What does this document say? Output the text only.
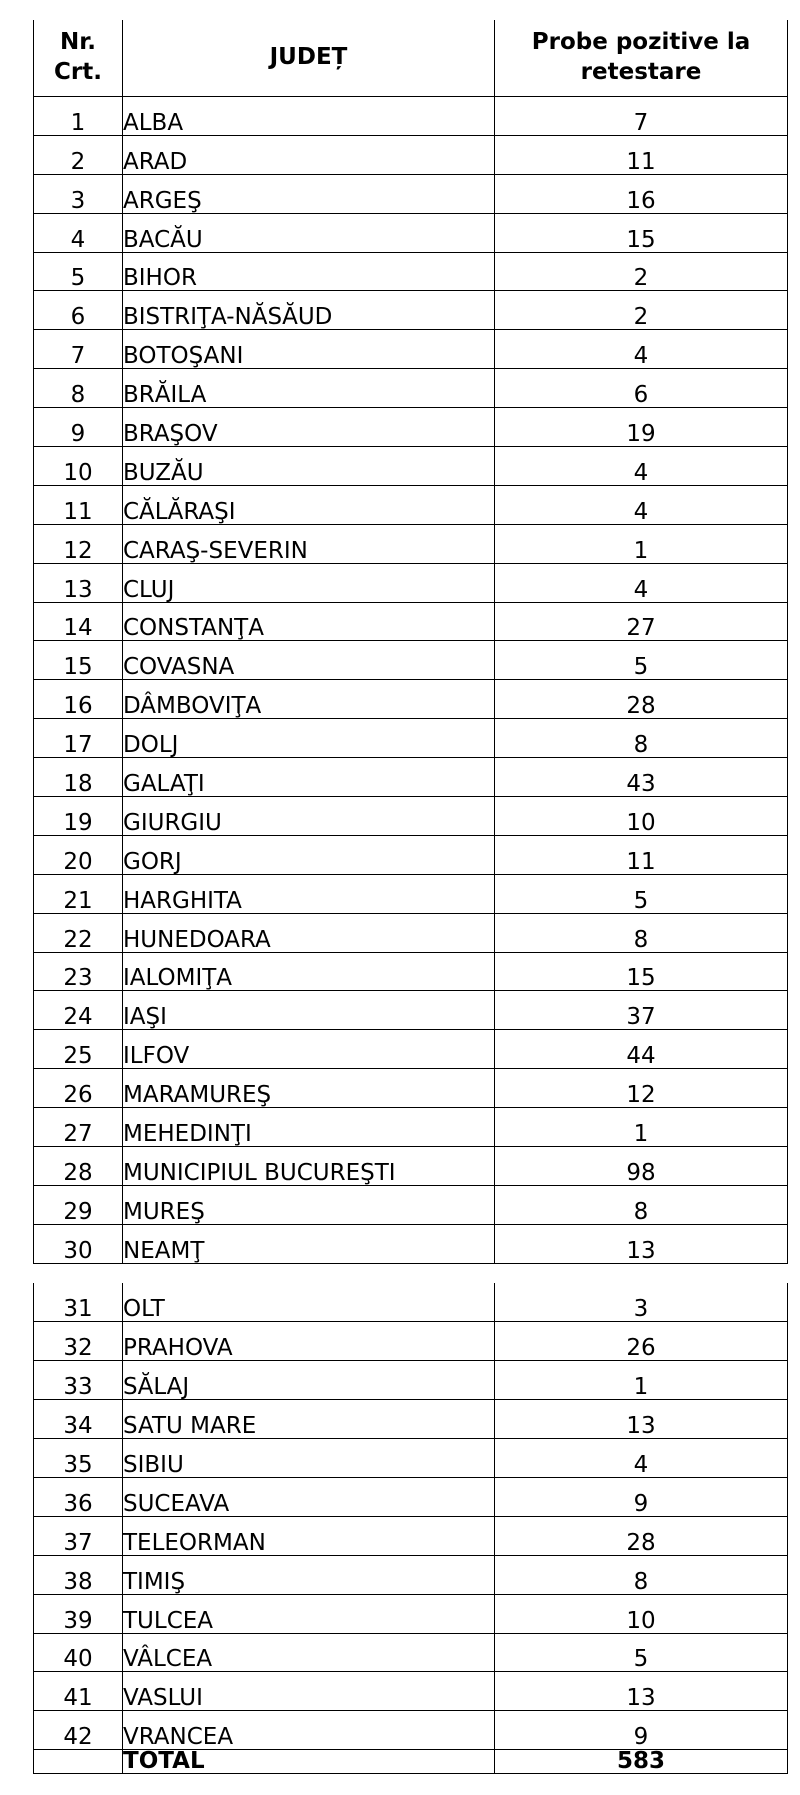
Nr.
Crt.	JUDEȚ	Probe pozitive la
retestare

1	ALBA	7
2	ARAD	11
3	ARGEŞ	16
4	BACĂU	15
5	BIHOR	2
6	BISTRIŢA-NĂSĂUD	2
7	BOTOŞANI	4
8	BRĂILA	6
9	BRAŞOV	19
10	BUZĂU	4
11	CĂLĂRAŞI	4
12	CARAŞ-SEVERIN	1
13	CLUJ	4
14	CONSTANŢA	27
15	COVASNA	5
16	DÂMBOVIŢA	28
17	DOLJ	8
18	GALAŢI	43
19	GIURGIU	10
20	GORJ	11
21	HARGHITA	5
22	HUNEDOARA	8
23	IALOMIŢA	15
24	IAŞI	37
25	ILFOV	44
26	MARAMUREŞ	12
27	MEHEDINŢI	1
28	MUNICIPIUL BUCUREŞTI	98
29	MUREŞ	8
30	NEAMŢ	13
31	OLT	3
32	PRAHOVA	26
33	SĂLAJ	1
34	SATU MARE	13
35	SIBIU	4
36	SUCEAVA	9
37	TELEORMAN	28
38	TIMIŞ	8
39	TULCEA	10
40	VÂLCEA	5
41	VASLUI	13
42	VRANCEA	9
	TOTAL	583
